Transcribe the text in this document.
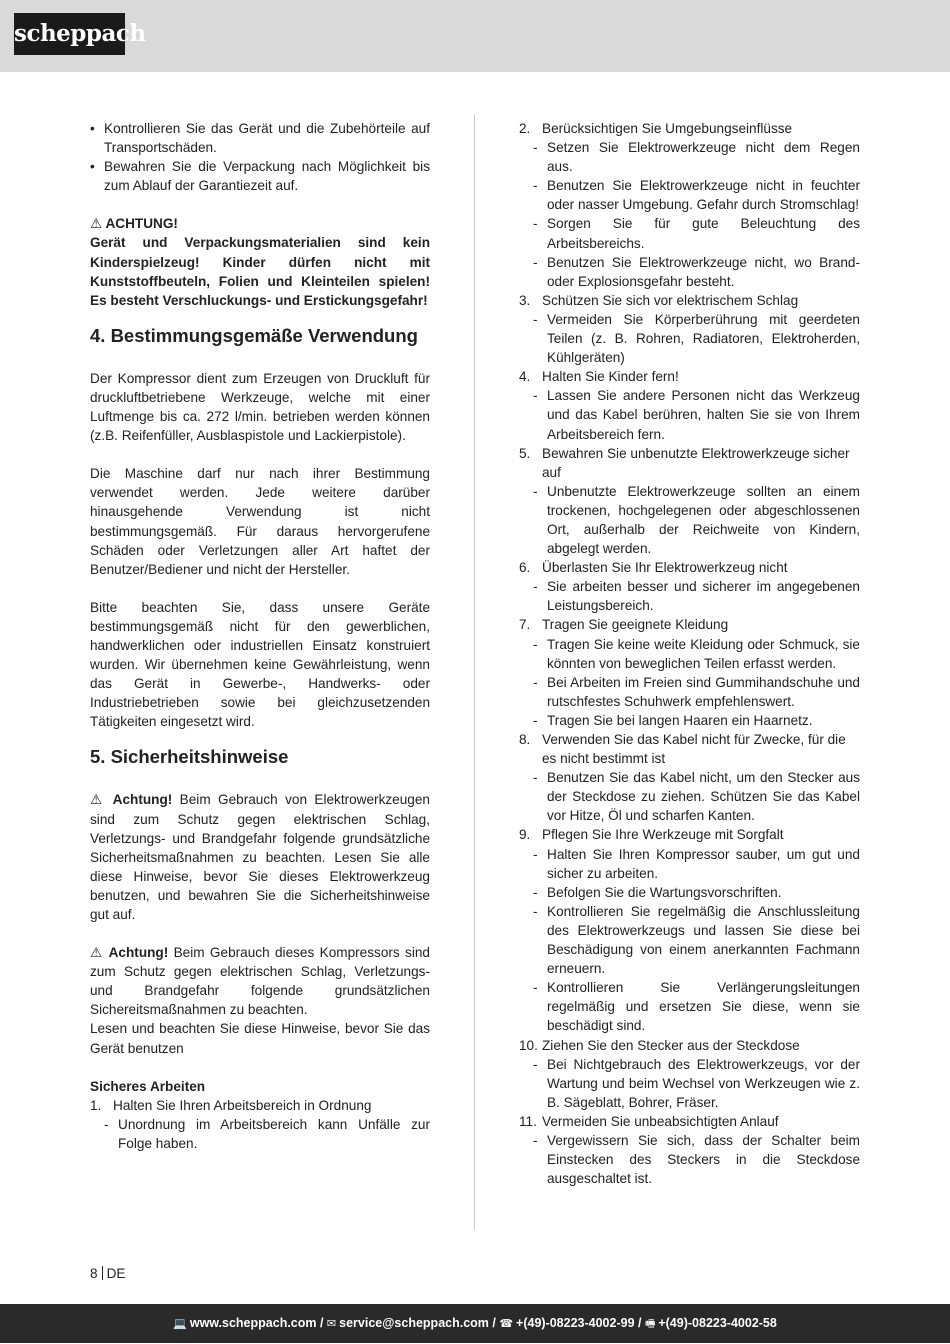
scheppach
• Kontrollieren Sie das Gerät und die Zubehörteile auf Transportschäden.
• Bewahren Sie die Verpackung nach Möglichkeit bis zum Ablauf der Garantiezeit auf.

⚠ ACHTUNG!

Gerät und Verpackungsmaterialien sind kein Kinderspielzeug! Kinder dürfen nicht mit Kunststoffbeuteln, Folien und Kleinteilen spielen! Es besteht Verschluckungs- und Erstickungsgefahr!

4. Bestimmungsgemäße Verwendung

Der Kompressor dient zum Erzeugen von Druckluft für druckluftbetriebene Werkzeuge, welche mit einer Luftmenge bis ca. 272 l/min. betrieben werden können (z.B. Reifenfüller, Ausblaspistole und Lackierpistole).

Die Maschine darf nur nach ihrer Bestimmung verwendet werden. Jede weitere darüber hinausgehende Verwendung ist nicht bestimmungsgemäß. Für daraus hervorgerufene Schäden oder Verletzungen aller Art haftet der Benutzer/Bediener und nicht der Hersteller.

Bitte beachten Sie, dass unsere Geräte bestimmungsgemäß nicht für den gewerblichen, handwerklichen oder industriellen Einsatz konstruiert wurden. Wir übernehmen keine Gewährleistung, wenn das Gerät in Gewerbe-, Handwerks- oder Industriebetrieben sowie bei gleichzusetzenden Tätigkeiten eingesetzt wird.

5. Sicherheitshinweise

⚠ Achtung! Beim Gebrauch von Elektrowerkzeugen sind zum Schutz gegen elektrischen Schlag, Verletzungs- und Brandgefahr folgende grundsätzliche Sicherheitsmaßnahmen zu beachten. Lesen Sie alle diese Hinweise, bevor Sie dieses Elektrowerkzeug benutzen, und bewahren Sie die Sicherheitshinweise gut auf.

⚠ Achtung! Beim Gebrauch dieses Kompressors sind zum Schutz gegen elektrischen Schlag, Verletzungs- und Brandgefahr folgende grundsätzlichen Sichereitsmaßnahmen zu beachten.

Lesen und beachten Sie diese Hinweise, bevor Sie das Gerät benutzen

Sicheres Arbeiten

1. Halten Sie Ihren Arbeitsbereich in Ordnung
- Unordnung im Arbeitsbereich kann Unfälle zur Folge haben.
2. Berücksichtigen Sie Umgebungseinflüsse
- Setzen Sie Elektrowerkzeuge nicht dem Regen aus.
- Benutzen Sie Elektrowerkzeuge nicht in feuchter oder nasser Umgebung. Gefahr durch Stromschlag!
- Sorgen Sie für gute Beleuchtung des Arbeitsbereichs.
- Benutzen Sie Elektrowerkzeuge nicht, wo Brand- oder Explosionsgefahr besteht.
3. Schützen Sie sich vor elektrischem Schlag
- Vermeiden Sie Körperberührung mit geerdeten Teilen (z. B. Rohren, Radiatoren, Elektroherden, Kühlgeräten)
4. Halten Sie Kinder fern!
- Lassen Sie andere Personen nicht das Werkzeug und das Kabel berühren, halten Sie sie von Ihrem Arbeitsbereich fern.
5. Bewahren Sie unbenutzte Elektrowerkzeuge sicher auf
- Unbenutzte Elektrowerkzeuge sollten an einem trockenen, hochgelegenen oder abgeschlossenen Ort, außerhalb der Reichweite von Kindern, abgelegt werden.
6. Überlasten Sie Ihr Elektrowerkzeug nicht
- Sie arbeiten besser und sicherer im angegebenen Leistungsbereich.
7. Tragen Sie geeignete Kleidung
- Tragen Sie keine weite Kleidung oder Schmuck, sie könnten von beweglichen Teilen erfasst werden.
- Bei Arbeiten im Freien sind Gummihandschuhe und rutschfestes Schuhwerk empfehlenswert.
- Tragen Sie bei langen Haaren ein Haarnetz.
8. Verwenden Sie das Kabel nicht für Zwecke, für die es nicht bestimmt ist
- Benutzen Sie das Kabel nicht, um den Stecker aus der Steckdose zu ziehen. Schützen Sie das Kabel vor Hitze, Öl und scharfen Kanten.
9. Pflegen Sie Ihre Werkzeuge mit Sorgfalt
- Halten Sie Ihren Kompressor sauber, um gut und sicher zu arbeiten.
- Befolgen Sie die Wartungsvorschriften.
- Kontrollieren Sie regelmäßig die Anschlussleitung des Elektrowerkzeugs und lassen Sie diese bei Beschädigung von einem anerkannten Fachmann erneuern.
- Kontrollieren Sie Verlängerungsleitungen regelmäßig und ersetzen Sie diese, wenn sie beschädigt sind.
10. Ziehen Sie den Stecker aus der Steckdose
- Bei Nichtgebrauch des Elektrowerkzeugs, vor der Wartung und beim Wechsel von Werkzeugen wie z. B. Sägeblatt, Bohrer, Fräser.
11. Vermeiden Sie unbeabsichtigten Anlauf
- Vergewissern Sie sich, dass der Schalter beim Einstecken des Steckers in die Steckdose ausgeschaltet ist.
8 DE
💻 www.scheppach.com / ✉ service@scheppach.com / ☎ +(49)-08223-4002-99 / 🖷 +(49)-08223-4002-58
